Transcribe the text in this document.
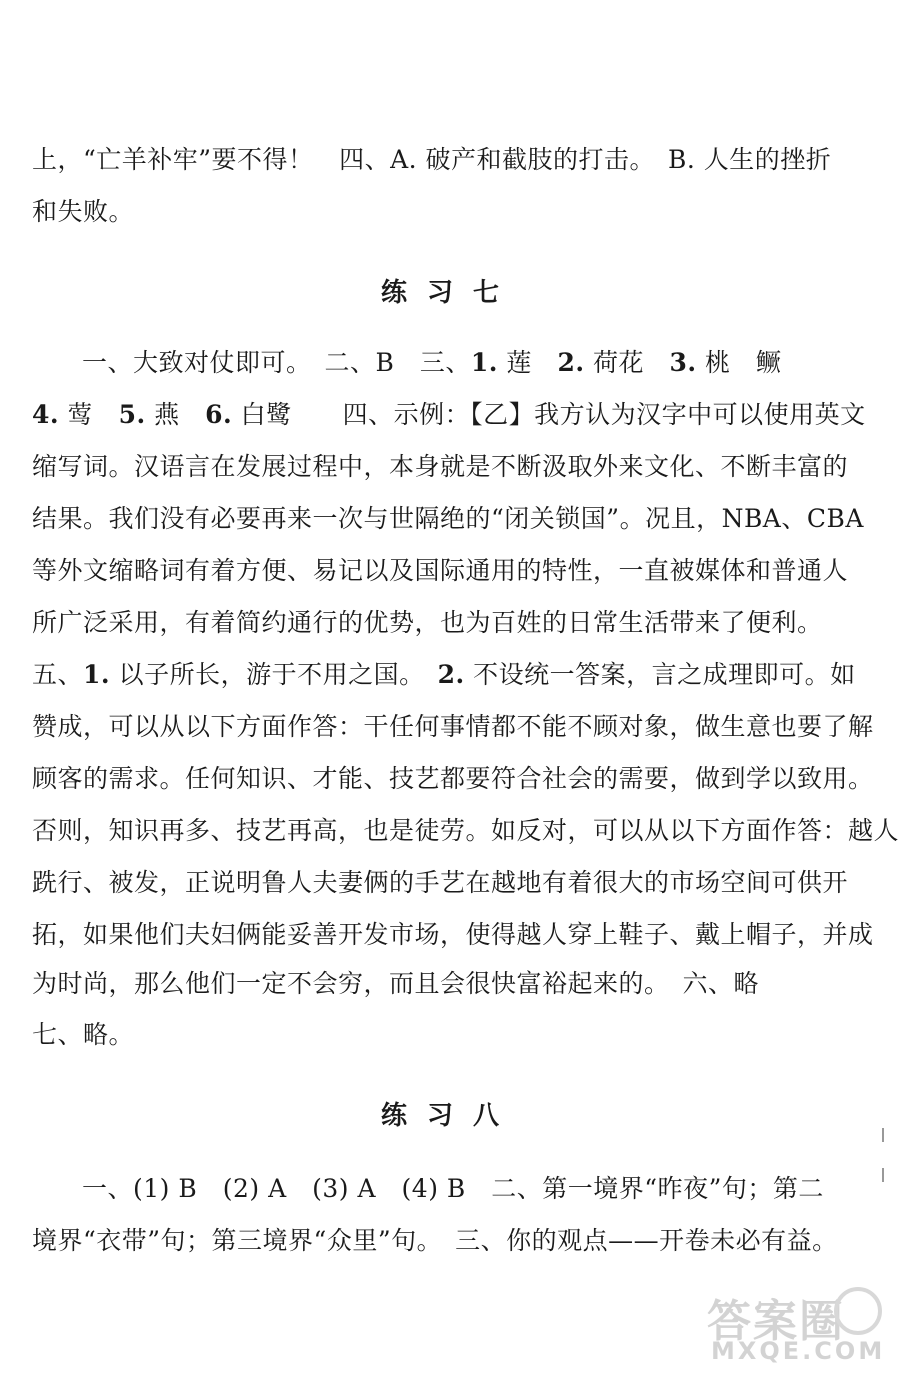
上，“亡羊补牢”要不得！　四、A. 破产和截肢的打击。　B. 人生的挫折
和失败。
练习七
一、大致对仗即可。　二、B　三、1. 莲　2. 荷花　3. 桃　鳜
4. 莺　5. 燕　6. 白鹭　　四、示例：【乙】我方认为汉字中可以使用英文
缩写词。汉语言在发展过程中，本身就是不断汲取外来文化、不断丰富的
结果。我们没有必要再来一次与世隔绝的“闭关锁国”。况且，NBA、CBA
等外文缩略词有着方便、易记以及国际通用的特性，一直被媒体和普通人
所广泛采用，有着简约通行的优势，也为百姓的日常生活带来了便利。
五、1. 以子所长，游于不用之国。　2. 不设统一答案，言之成理即可。如
赞成，可以从以下方面作答：干任何事情都不能不顾对象，做生意也要了解
顾客的需求。任何知识、才能、技艺都要符合社会的需要，做到学以致用。
否则，知识再多、技艺再高，也是徒劳。如反对，可以从以下方面作答：越人
跣行、被发，正说明鲁人夫妻俩的手艺在越地有着很大的市场空间可供开
拓，如果他们夫妇俩能妥善开发市场，使得越人穿上鞋子、戴上帽子，并成
为时尚，那么他们一定不会穷，而且会很快富裕起来的。　六、略
七、略。
练习八
一、(1) B　(2) A　(3) A　(4) B　二、第一境界“昨夜”句；第二
境界“衣带”句；第三境界“众里”句。　三、你的观点——开卷未必有益。
答案圈
MXQE.COM
